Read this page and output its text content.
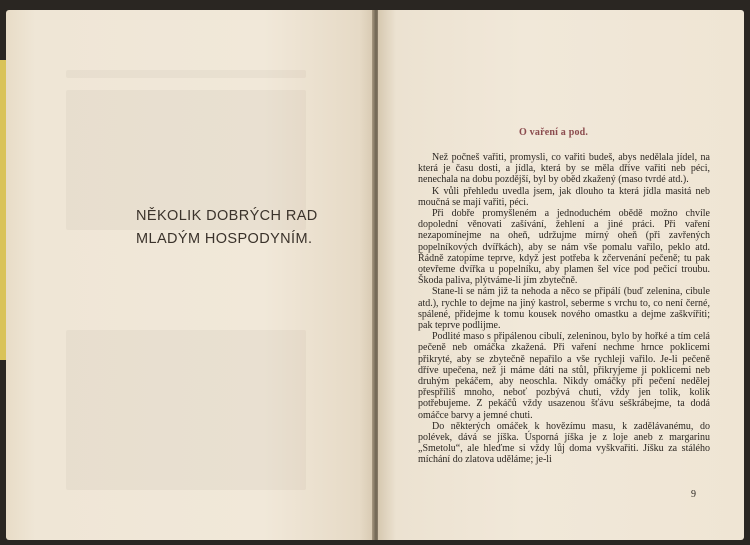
NĚKOLIK DOBRÝCH RAD
MLADÝM HOSPODYNÍM.
O vaření a pod.

Než počneš vařiti, promysli, co vařiti budeš, abys nedělala jídel, na která je času dosti, a jídla, která by se měla dříve vařiti neb péci, nenechala na dobu pozdější, byl by oběd zkažený (maso tvrdé atd.).

K vůli přehledu uvedla jsem, jak dlouho ta která jídla masitá neb moučná se mají vařiti, péci.

Při dobře promyšleném a jednoduchém obědě možno chvíle dopolední věnovati zašívání, žehlení a jiné práci. Při vaření nezapomínejme na oheň, udržujme mírný oheň (při zavřených popelníkových dvířkách), aby se nám vše pomalu vařilo, peklo atd. Řádně zatopíme teprve, když jest potřeba k zčervenání pečeně; tu pak otevřeme dvířka u popelníku, aby plamen šel více pod pečicí troubu. Škoda paliva, plýtváme-li jím zbytečně.

Stane-li se nám již ta nehoda a něco se připálí (buď zelenina, cibule atd.), rychle to dejme na jiný kastrol, seberme s vrchu to, co není černé, spálené, přidejme k tomu kousek nového omastku a dejme zaškvířiti; pak teprve podlijme.

Podlité maso s připálenou cibulí, zeleninou, bylo by hořké a tím celá pečeně neb omáčka zkažená. Při vaření nechme hrnce poklicemi přikryté, aby se zbytečně nepařilo a vše rychleji vařilo. Je-li pečeně dříve upečena, než ji máme dáti na stůl, přikryjeme ji poklicemi neb druhým pekáčem, aby neoschla. Nikdy omáčky při pečení nedělej přespříliš mnoho, neboť pozbývá chuti, vždy jen tolik, kolik potřebujeme. Z pekáčů vždy usazenou šťávu seškrábejme, ta dodá omáčce barvy a jemné chuti.

Do některých omáček k hovězímu masu, k zadělávanému, do polévek, dává se jíška. Úsporná jíška je z loje aneb z margarinu „Smetolu“, ale hleďme si vždy lůj doma vyškvařiti. Jíšku za stálého míchání do zlatova uděláme; je-li

9
